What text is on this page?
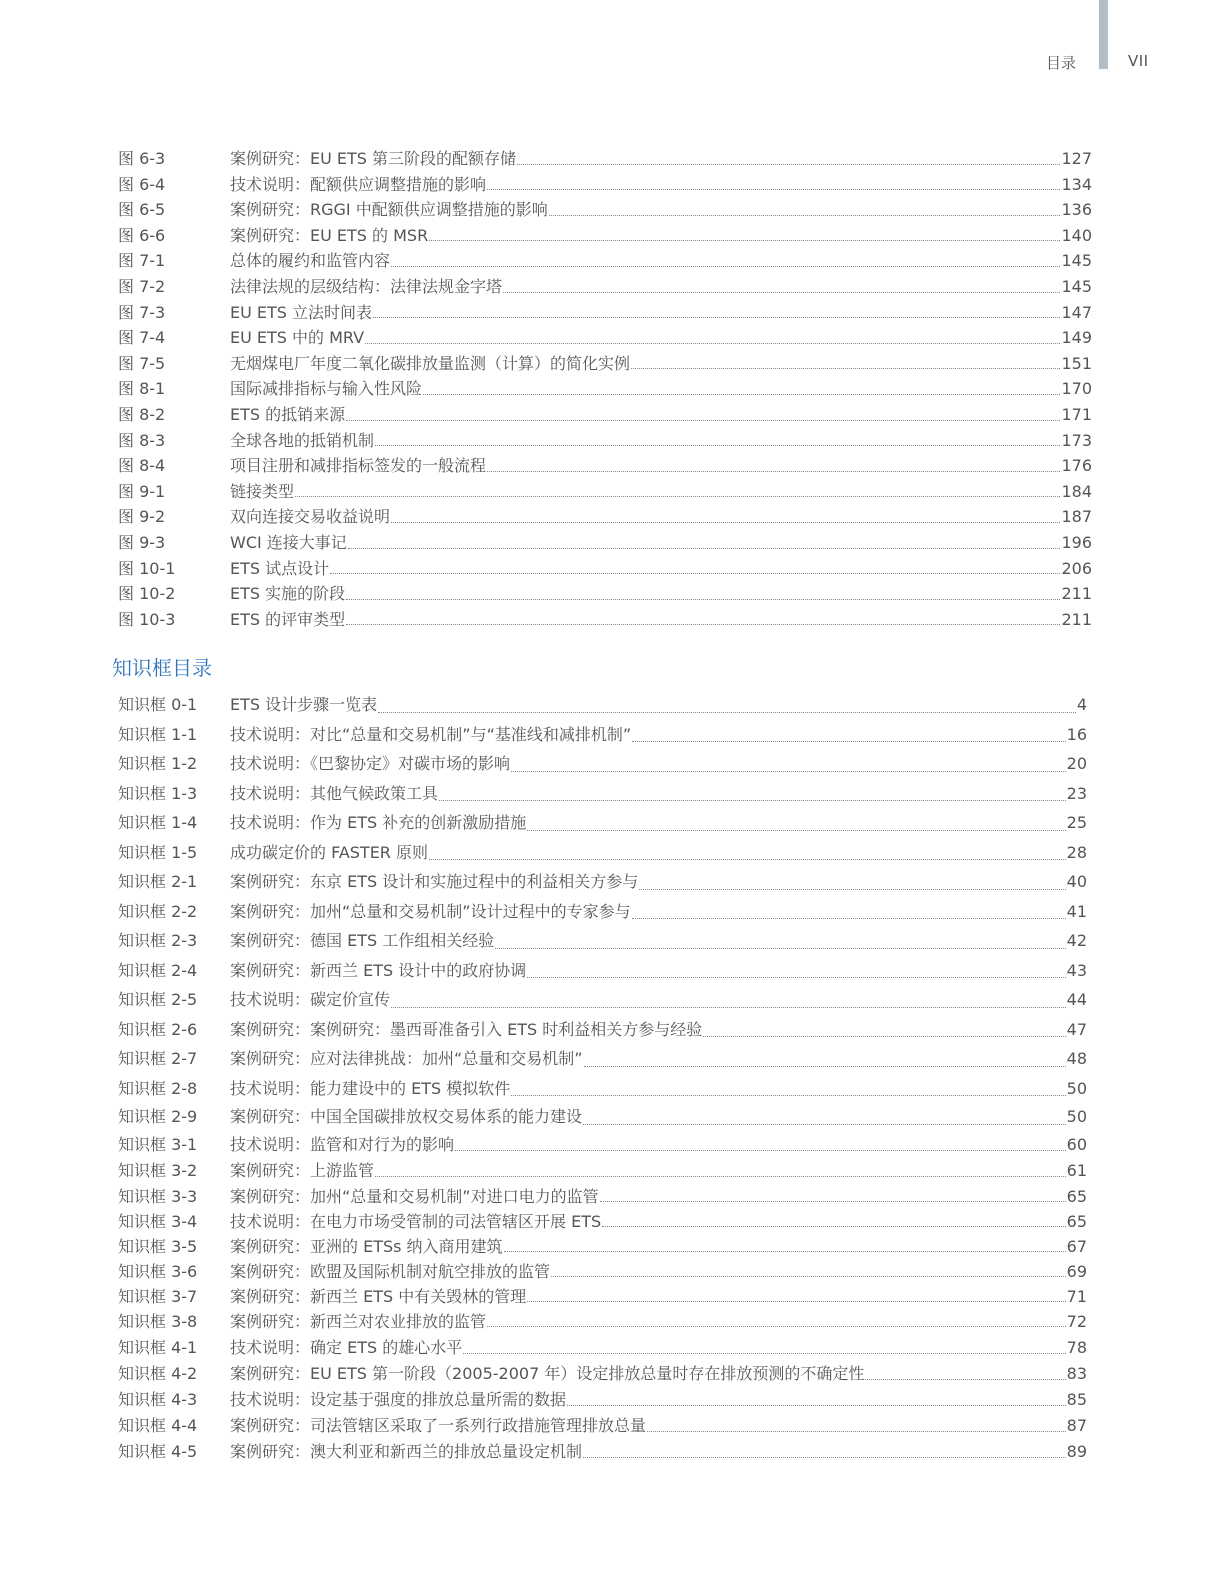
目录	VII
图 6-3	案例研究：EU ETS 第三阶段的配额存储	127
图 6-4	技术说明：配额供应调整措施的影响	134
图 6-5	案例研究：RGGI 中配额供应调整措施的影响	136
图 6-6	案例研究：EU ETS 的 MSR	140
图 7-1	总体的履约和监管内容	145
图 7-2	法律法规的层级结构：法律法规金字塔	145
图 7-3	EU ETS 立法时间表	147
图 7-4	EU ETS 中的 MRV	149
图 7-5	无烟煤电厂年度二氧化碳排放量监测（计算）的简化实例	151
图 8-1	国际减排指标与输入性风险	170
图 8-2	ETS 的抵销来源	171
图 8-3	全球各地的抵销机制	173
图 8-4	项目注册和减排指标签发的一般流程	176
图 9-1	链接类型	184
图 9-2	双向连接交易收益说明	187
图 9-3	WCI 连接大事记	196
图 10-1	ETS 试点设计	206
图 10-2	ETS 实施的阶段	211
图 10-3	ETS 的评审类型	211
知识框目录
知识框 0-1	ETS 设计步骤一览表	4
知识框 1-1	技术说明：对比“总量和交易机制”与“基准线和减排机制”	16
知识框 1-2	技术说明：《巴黎协定》对碳市场的影响	20
知识框 1-3	技术说明：其他气候政策工具	23
知识框 1-4	技术说明：作为 ETS 补充的创新激励措施	25
知识框 1-5	成功碳定价的 FASTER 原则	28
知识框 2-1	案例研究：东京 ETS 设计和实施过程中的利益相关方参与	40
知识框 2-2	案例研究：加州“总量和交易机制”设计过程中的专家参与	41
知识框 2-3	案例研究：德国 ETS 工作组相关经验	42
知识框 2-4	案例研究：新西兰 ETS 设计中的政府协调	43
知识框 2-5	技术说明：碳定价宣传	44
知识框 2-6	案例研究：案例研究：墨西哥准备引入 ETS 时利益相关方参与经验	47
知识框 2-7	案例研究：应对法律挑战：加州“总量和交易机制”	48
知识框 2-8	技术说明：能力建设中的 ETS 模拟软件	50
知识框 2-9	案例研究：中国全国碳排放权交易体系的能力建设	50
知识框 3-1	技术说明：监管和对行为的影响	60
知识框 3-2	案例研究：上游监管	61
知识框 3-3	案例研究：加州“总量和交易机制”对进口电力的监管	65
知识框 3-4	技术说明：在电力市场受管制的司法管辖区开展 ETS	65
知识框 3-5	案例研究：亚洲的 ETSs 纳入商用建筑	67
知识框 3-6	案例研究：欧盟及国际机制对航空排放的监管	69
知识框 3-7	案例研究：新西兰 ETS 中有关毁林的管理	71
知识框 3-8	案例研究：新西兰对农业排放的监管	72
知识框 4-1	技术说明：确定 ETS 的雄心水平	78
知识框 4-2	案例研究：EU ETS 第一阶段（2005-2007 年）设定排放总量时存在排放预测的不确定性	83
知识框 4-3	技术说明：设定基于强度的排放总量所需的数据	85
知识框 4-4	案例研究：司法管辖区采取了一系列行政措施管理排放总量	87
知识框 4-5	案例研究：澳大利亚和新西兰的排放总量设定机制	89
